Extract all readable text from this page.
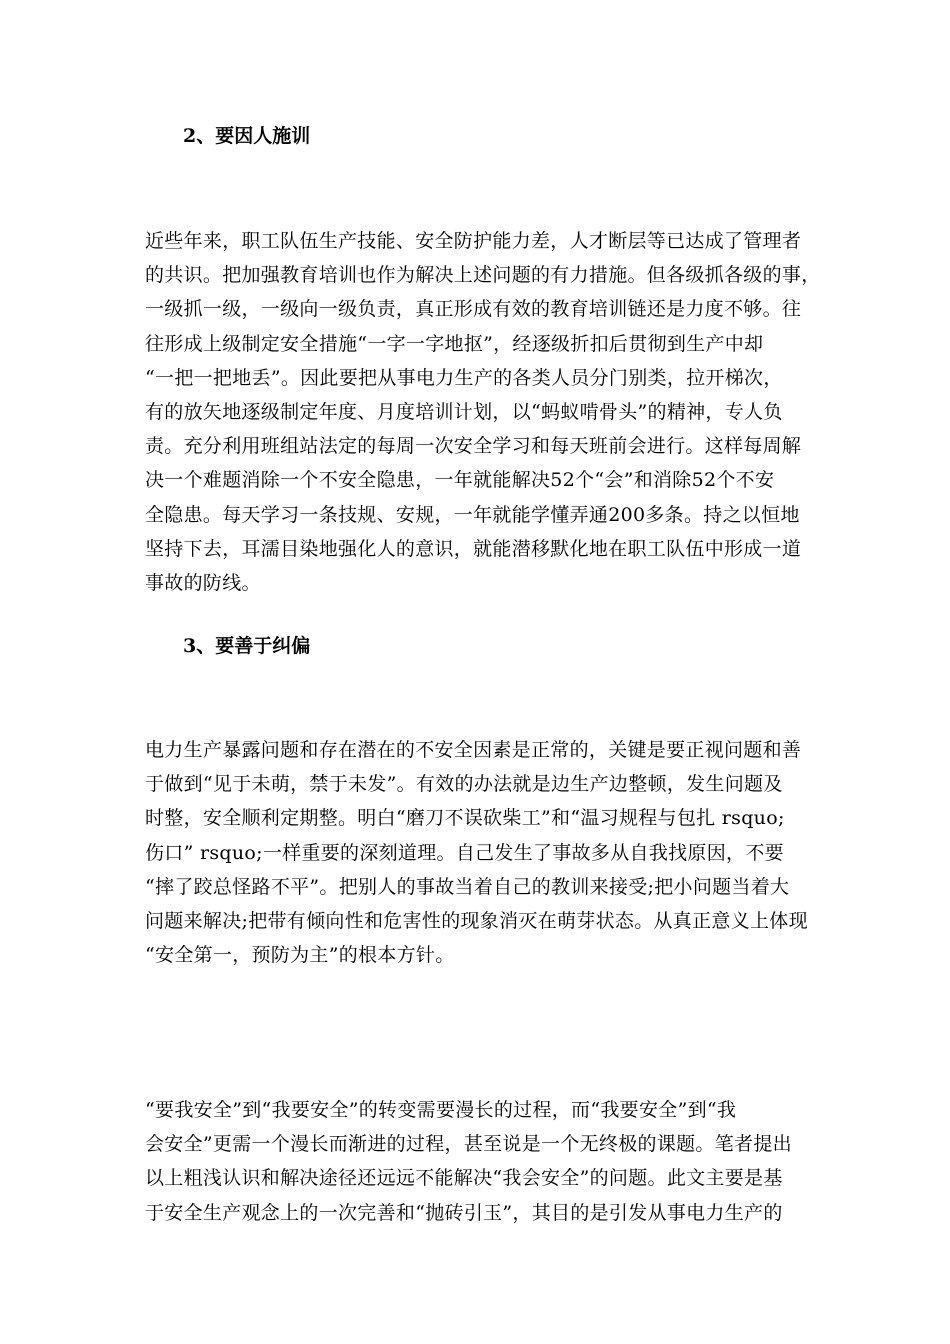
2、要因人施训
近些年来，职工队伍生产技能、安全防护能力差，人才断层等已达成了管理者
的共识。把加强教育培训也作为解决上述问题的有力措施。但各级抓各级的事，
一级抓一级，一级向一级负责，真正形成有效的教育培训链还是力度不够。往
往形成上级制定安全措施“一字一字地抠”，经逐级折扣后贯彻到生产中却
“一把一把地丢”。因此要把从事电力生产的各类人员分门别类，拉开梯次，
有的放矢地逐级制定年度、月度培训计划，以“蚂蚁啃骨头”的精神，专人负
责。充分利用班组站法定的每周一次安全学习和每天班前会进行。这样每周解
决一个难题消除一个不安全隐患，一年就能解决52个“会”和消除52个不安
全隐患。每天学习一条技规、安规，一年就能学懂弄通200多条。持之以恒地
坚持下去，耳濡目染地强化人的意识，就能潜移默化地在职工队伍中形成一道
事故的防线。
3、要善于纠偏
电力生产暴露问题和存在潜在的不安全因素是正常的，关键是要正视问题和善
于做到“见于未萌，禁于未发”。有效的办法就是边生产边整顿，发生问题及
时整，安全顺利定期整。明白“磨刀不误砍柴工”和“温习规程与包扎 rsquo;
伤口” rsquo;一样重要的深刻道理。自己发生了事故多从自我找原因，不要
“摔了跤总怪路不平”。把别人的事故当着自己的教训来接受;把小问题当着大
问题来解决;把带有倾向性和危害性的现象消灭在萌芽状态。从真正意义上体现
“安全第一，预防为主”的根本方针。
“要我安全”到“我要安全”的转变需要漫长的过程，而“我要安全”到“我
会安全”更需一个漫长而渐进的过程，甚至说是一个无终极的课题。笔者提出
以上粗浅认识和解决途径还远远不能解决“我会安全”的问题。此文主要是基
于安全生产观念上的一次完善和“抛砖引玉”，其目的是引发从事电力生产的
